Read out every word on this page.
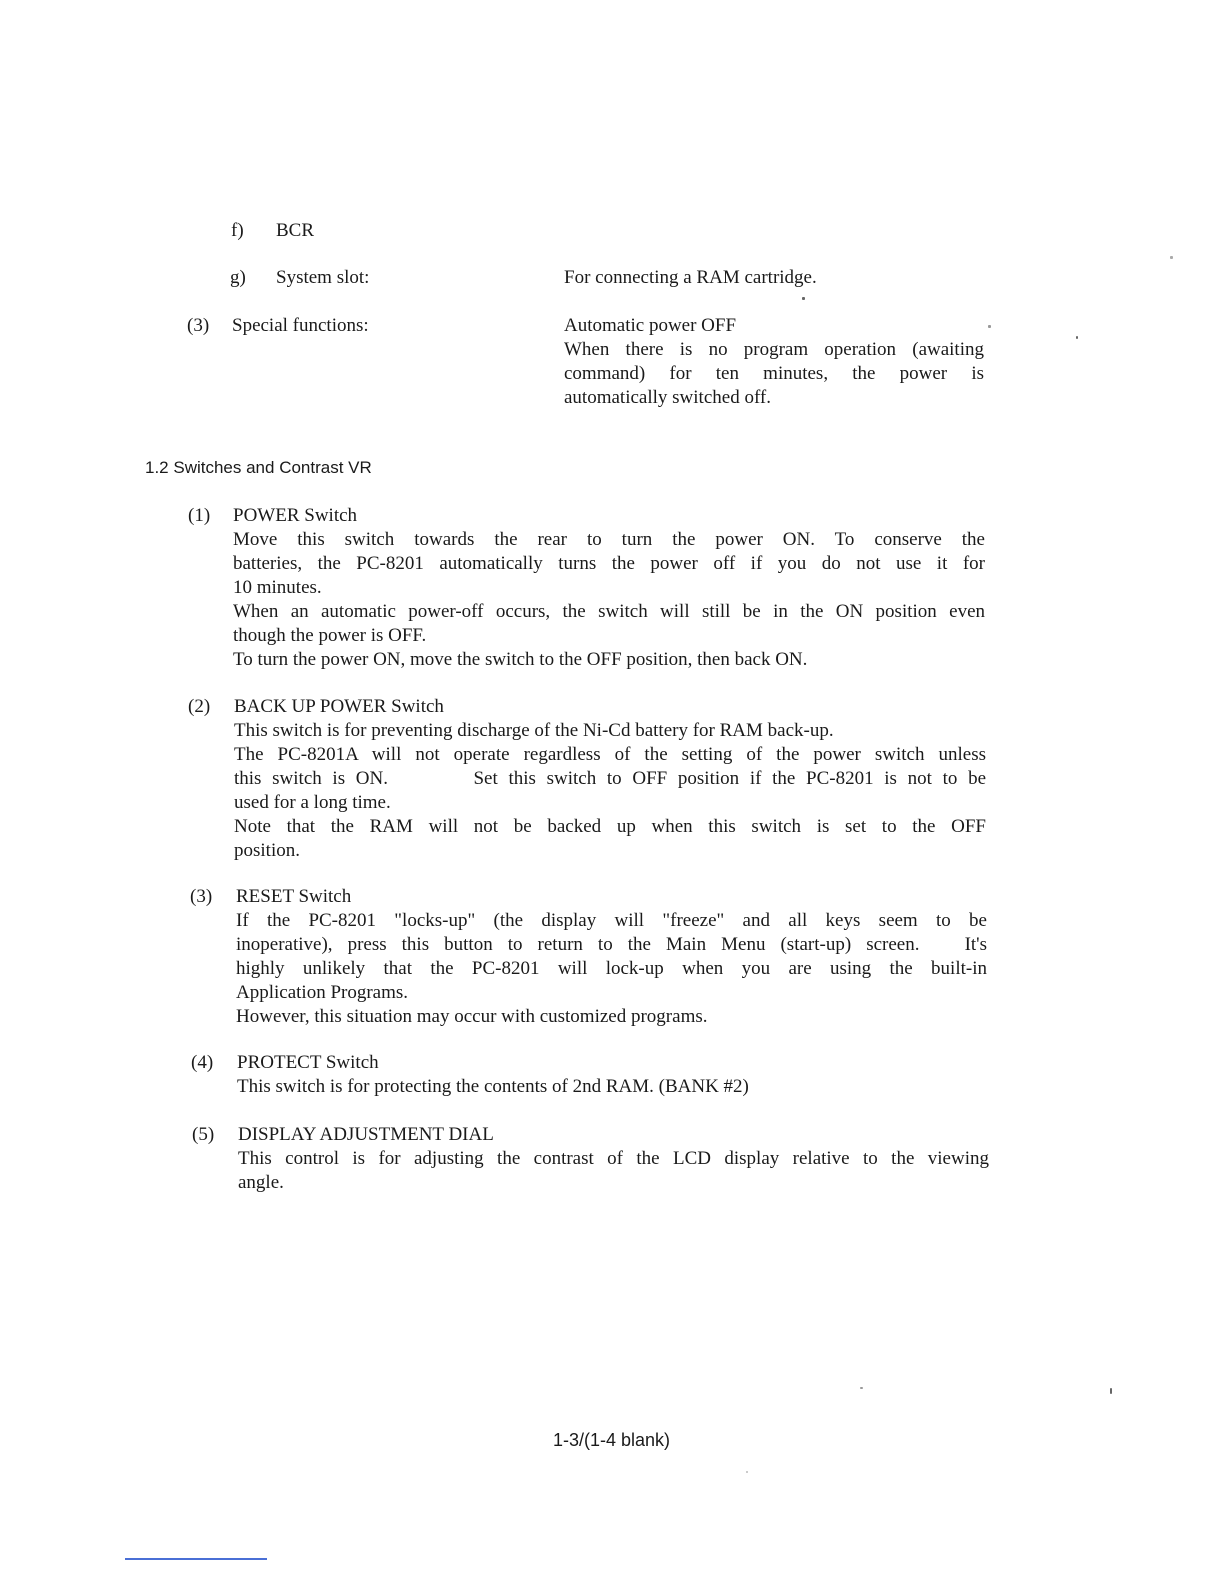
f) BCR
g) System slot:	For connecting a RAM cartridge.
(3) Special functions:	Automatic power OFF
When there is no program operation (awaiting
command) for ten minutes, the power is
automatically switched off.
1.2 Switches and Contrast VR
(1) POWER Switch
Move this switch towards the rear to turn the power ON. To conserve the
batteries, the PC-8201 automatically turns the power off if you do not use it for
10 minutes.
When an automatic power-off occurs, the switch will still be in the ON position even
though the power is OFF.
To turn the power ON, move the switch to the OFF position, then back ON.
(2) BACK UP POWER Switch
This switch is for preventing discharge of the Ni-Cd battery for RAM back-up.
The PC-8201A will not operate regardless of the setting of the power switch unless
this switch is ON.        Set this switch to OFF position if the PC-8201 is not to be
used for a long time.
Note that the RAM will not be backed up when this switch is set to the OFF
position.
(3) RESET Switch
If the PC-8201 "locks-up" (the display will "freeze" and all keys seem to be
inoperative), press this button to return to the Main Menu (start-up) screen.   It's
highly unlikely that the PC-8201 will lock-up when you are using the built-in
Application Programs.
However, this situation may occur with customized programs.
(4) PROTECT Switch
This switch is for protecting the contents of 2nd RAM. (BANK #2)
(5) DISPLAY ADJUSTMENT DIAL
This control is for adjusting the contrast of the LCD display relative to the viewing
angle.
1-3/(1-4 blank)
